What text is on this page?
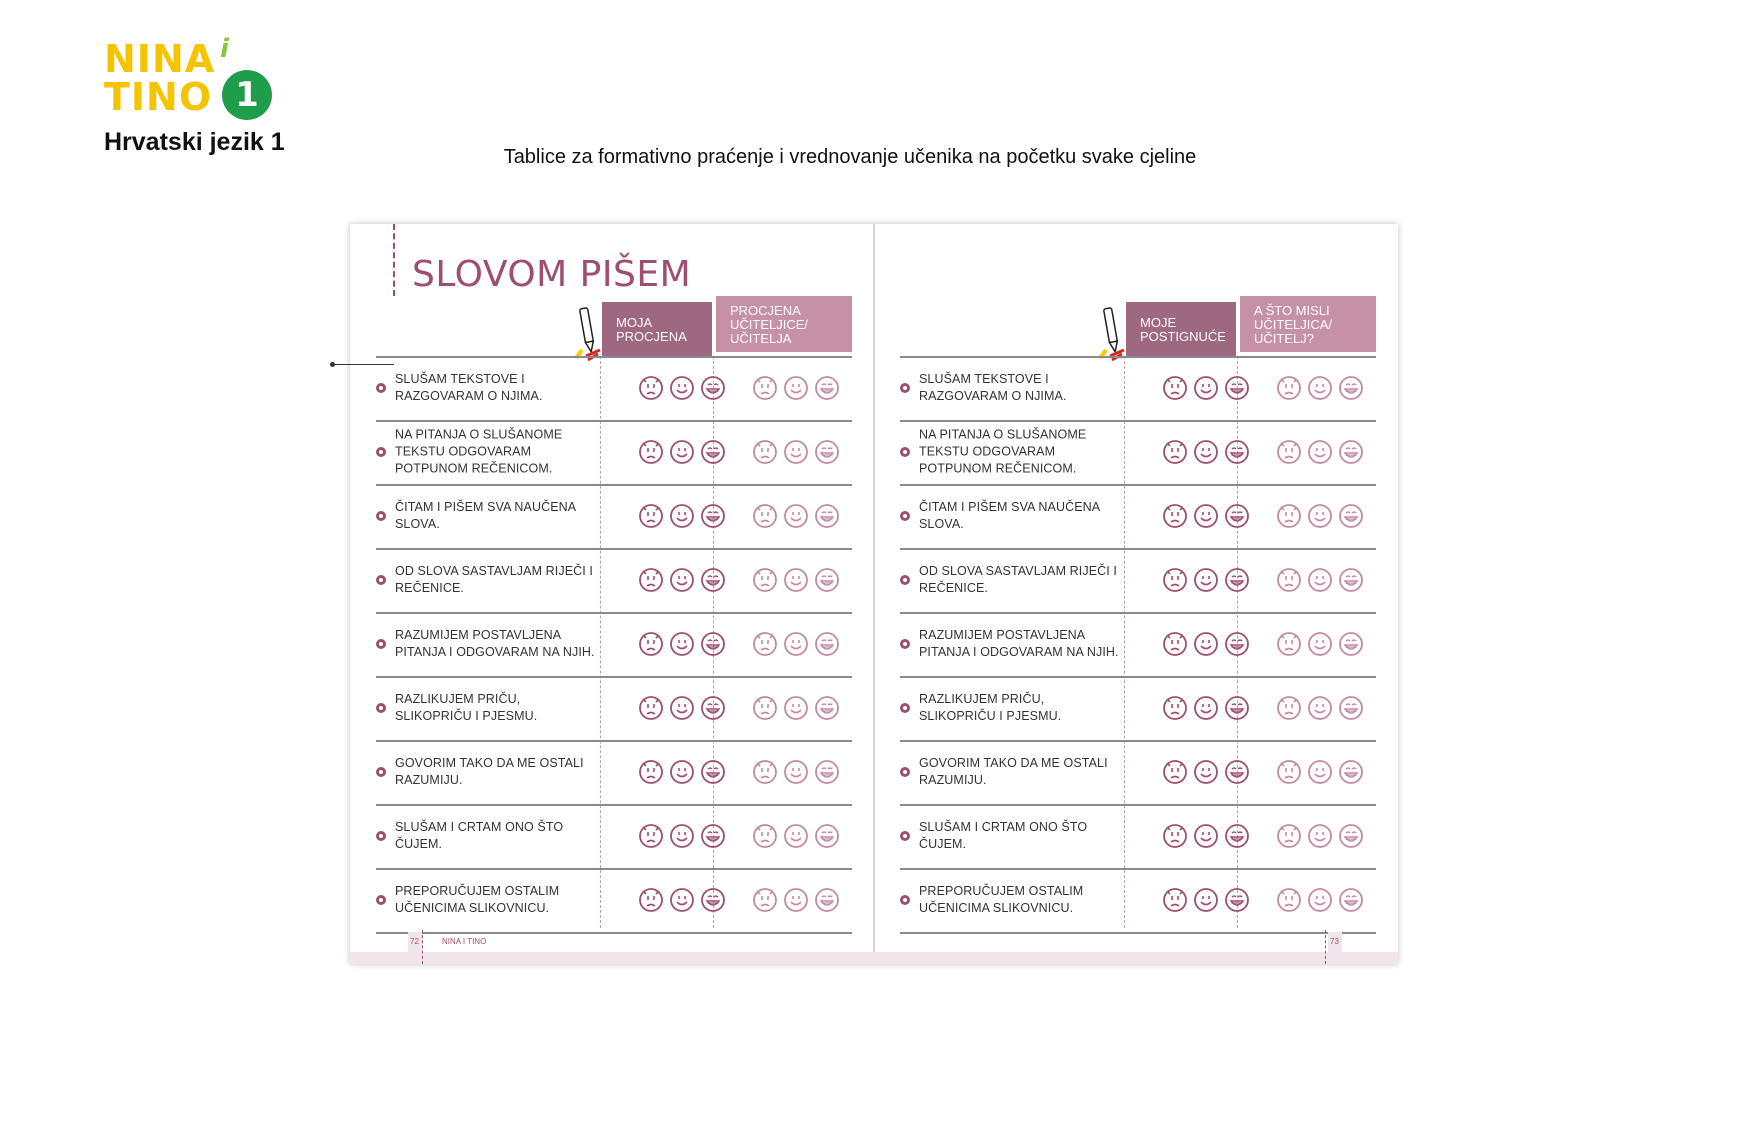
NINA i
TINO 1
Hrvatski jezik 1
Tablice za formativno praćenje i vrednovanje učenika na početku svake cjeline
SLOVOM PIŠEM
MOJA PROCJENA
PROCJENA UČITELJICE/ UČITELJA
SLUŠAM TEKSTOVE I RAZGOVARAM O NJIMA.
NA PITANJA O SLUŠANOME TEKSTU ODGOVARAM POTPUNOM REČENICOM.
ČITAM I PIŠEM SVA NAUČENA SLOVA.
OD SLOVA SASTAVLJAM RIJEČI I REČENICE.
RAZUMIJEM POSTAVLJENA PITANJA I ODGOVARAM NA NJIH.
RAZLIKUJEM PRIČU, SLIKOPRIČU I PJESMU.
GOVORIM TAKO DA ME OSTALI RAZUMIJU.
SLUŠAM I CRTAM ONO ŠTO ČUJEM.
PREPORUČUJEM OSTALIM UČENICIMA SLIKOVNICU.
72	NINA I TINO
MOJE POSTIGNUĆE
A ŠTO MISLI UČITELJICA/ UČITELJ?
SLUŠAM TEKSTOVE I RAZGOVARAM O NJIMA.
NA PITANJA O SLUŠANOME TEKSTU ODGOVARAM POTPUNOM REČENICOM.
ČITAM I PIŠEM SVA NAUČENA SLOVA.
OD SLOVA SASTAVLJAM RIJEČI I REČENICE.
RAZUMIJEM POSTAVLJENA PITANJA I ODGOVARAM NA NJIH.
RAZLIKUJEM PRIČU, SLIKOPRIČU I PJESMU.
GOVORIM TAKO DA ME OSTALI RAZUMIJU.
SLUŠAM I CRTAM ONO ŠTO ČUJEM.
PREPORUČUJEM OSTALIM UČENICIMA SLIKOVNICU.
73
